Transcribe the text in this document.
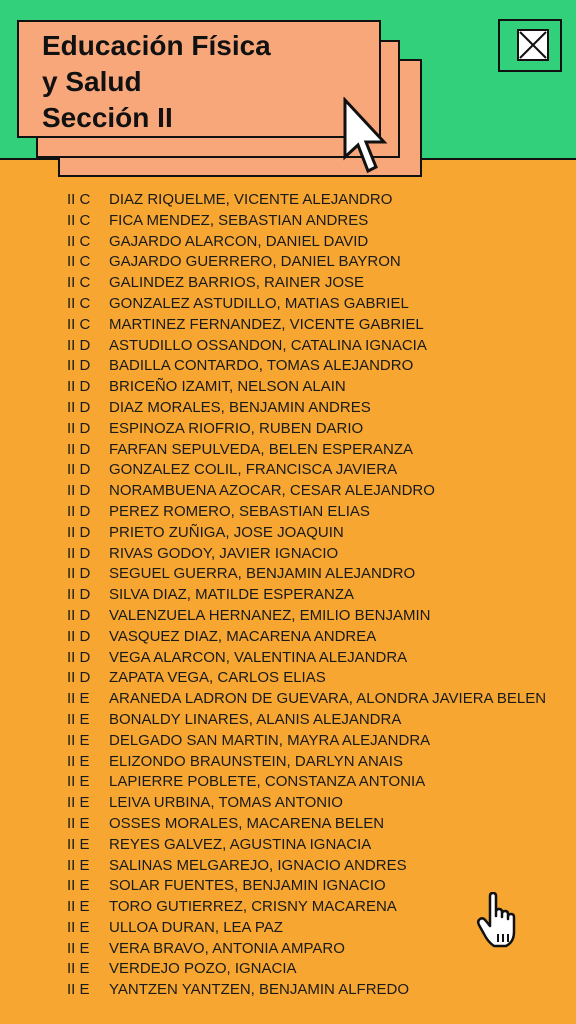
Educación Física
y Salud
Sección II
II C DIAZ RIQUELME, VICENTE ALEJANDRO
II C FICA MENDEZ, SEBASTIAN ANDRES
II C GAJARDO ALARCON, DANIEL DAVID
II C GAJARDO GUERRERO, DANIEL BAYRON
II C GALINDEZ BARRIOS, RAINER JOSE
II C GONZALEZ ASTUDILLO, MATIAS GABRIEL
II C MARTINEZ FERNANDEZ, VICENTE GABRIEL
II D ASTUDILLO OSSANDON, CATALINA IGNACIA
II D BADILLA CONTARDO, TOMAS ALEJANDRO
II D BRICEÑO IZAMIT, NELSON ALAIN
II D DIAZ MORALES, BENJAMIN ANDRES
II D ESPINOZA RIOFRIO, RUBEN DARIO
II D FARFAN SEPULVEDA, BELEN ESPERANZA
II D GONZALEZ COLIL, FRANCISCA JAVIERA
II D NORAMBUENA AZOCAR, CESAR ALEJANDRO
II D PEREZ ROMERO, SEBASTIAN ELIAS
II D PRIETO ZUÑIGA, JOSE JOAQUIN
II D RIVAS GODOY, JAVIER IGNACIO
II D SEGUEL GUERRA, BENJAMIN ALEJANDRO
II D SILVA DIAZ, MATILDE ESPERANZA
II D VALENZUELA HERNANEZ, EMILIO BENJAMIN
II D VASQUEZ DIAZ, MACARENA ANDREA
II D VEGA ALARCON, VALENTINA ALEJANDRA
II D ZAPATA VEGA, CARLOS ELIAS
II E ARANEDA LADRON DE GUEVARA, ALONDRA JAVIERA BELEN
II E BONALDY LINARES, ALANIS ALEJANDRA
II E DELGADO SAN MARTIN, MAYRA ALEJANDRA
II E ELIZONDO BRAUNSTEIN, DARLYN ANAIS
II E LAPIERRE POBLETE, CONSTANZA ANTONIA
II E LEIVA URBINA, TOMAS ANTONIO
II E OSSES MORALES, MACARENA BELEN
II E REYES GALVEZ, AGUSTINA IGNACIA
II E SALINAS MELGAREJO, IGNACIO ANDRES
II E SOLAR FUENTES, BENJAMIN IGNACIO
II E TORO GUTIERREZ, CRISNY MACARENA
II E ULLOA DURAN, LEA PAZ
II E VERA BRAVO, ANTONIA AMPARO
II E VERDEJO POZO, IGNACIA
II E YANTZEN YANTZEN, BENJAMIN ALFREDO
